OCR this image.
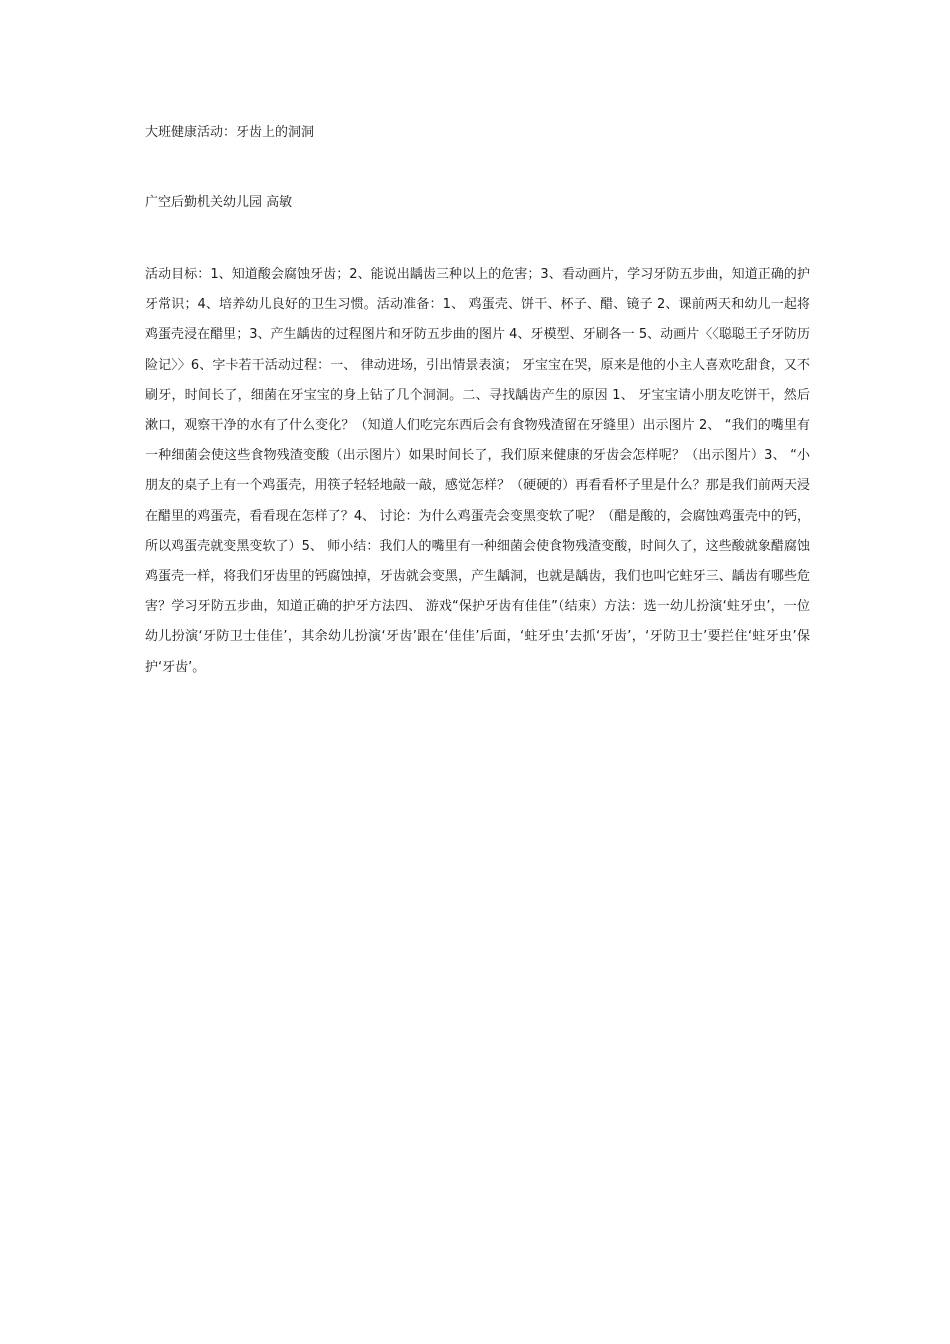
大班健康活动：牙齿上的洞洞
广空后勤机关幼儿园 高敏

活动目标：1、知道酸会腐蚀牙齿；2、能说出龋齿三种以上的危害；3、看动画片，学习牙防五步曲，知道正确的护牙常识；4、培养幼儿良好的卫生习惯。活动准备：1、 鸡蛋壳、饼干、杯子、醋、镜子 2、课前两天和幼儿一起将鸡蛋壳浸在醋里；3、产生龋齿的过程图片和牙防五步曲的图片 4、牙模型、牙刷各一 5、动画片〈〈聪聪王子牙防历险记〉〉6、字卡若干活动过程：一、 律动进场，引出情景表演； 牙宝宝在哭，原来是他的小主人喜欢吃甜食，又不刷牙，时间长了，细菌在牙宝宝的身上钻了几个洞洞。二、寻找龋齿产生的原因 1、 牙宝宝请小朋友吃饼干，然后漱口，观察干净的水有了什么变化？（知道人们吃完东西后会有食物残渣留在牙缝里）出示图片 2、 “我们的嘴里有一种细菌会使这些食物残渣变酸（出示图片）如果时间长了，我们原来健康的牙齿会怎样呢？（出示图片）3、 “小朋友的桌子上有一个鸡蛋壳，用筷子轻轻地敲一敲，感觉怎样？（硬硬的）再看看杯子里是什么？那是我们前两天浸在醋里的鸡蛋壳，看看现在怎样了？4、 讨论：为什么鸡蛋壳会变黑变软了呢？（醋是酸的，会腐蚀鸡蛋壳中的钙，所以鸡蛋壳就变黑变软了）5、 师小结：我们人的嘴里有一种细菌会使食物残渣变酸，时间久了，这些酸就象醋腐蚀鸡蛋壳一样，将我们牙齿里的钙腐蚀掉，牙齿就会变黑，产生龋洞，也就是龋齿，我们也叫它蛀牙三、龋齿有哪些危害？学习牙防五步曲，知道正确的护牙方法四、 游戏“保护牙齿有佳佳”（结束）方法：选一幼儿扮演‘蛀牙虫’，一位幼儿扮演‘牙防卫士佳佳’，其余幼儿扮演‘牙齿’跟在‘佳佳’后面，‘蛀牙虫’去抓‘牙齿’，‘牙防卫士’要拦住‘蛀牙虫’保护‘牙齿’。
